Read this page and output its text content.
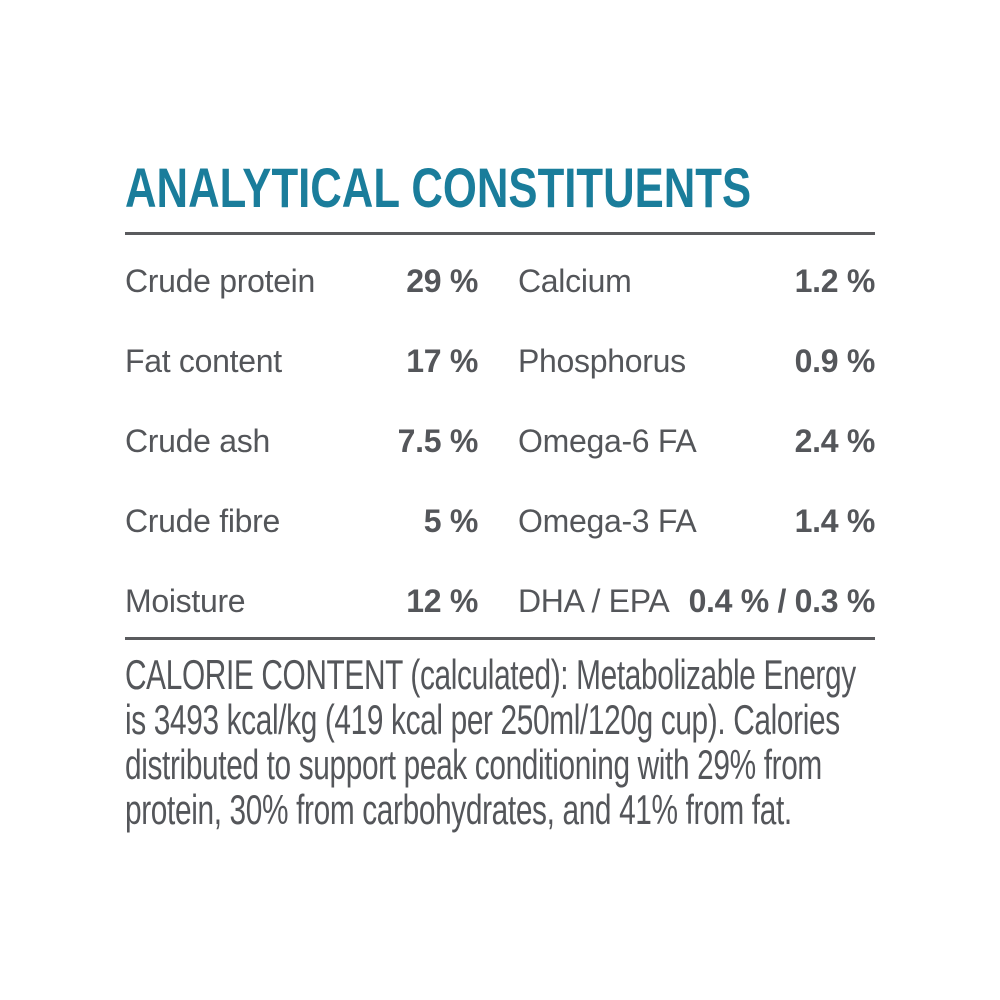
ANALYTICAL CONSTITUENTS
Crude protein	29 % Calcium	1.2 %
Fat content	17 % Phosphorus	0.9 %
Crude ash	7.5 % Omega-6 FA	2.4 %
Crude fibre	5 % Omega-3 FA	1.4 %
Moisture	12 % DHA / EPA 0.4 % / 0.3 %
CALORIE CONTENT (calculated): Metabolizable Energy
is 3493 kcal/kg (419 kcal per 250ml/120g cup). Calories
distributed to support peak conditioning with 29% from
protein, 30% from carbohydrates, and 41% from fat.
